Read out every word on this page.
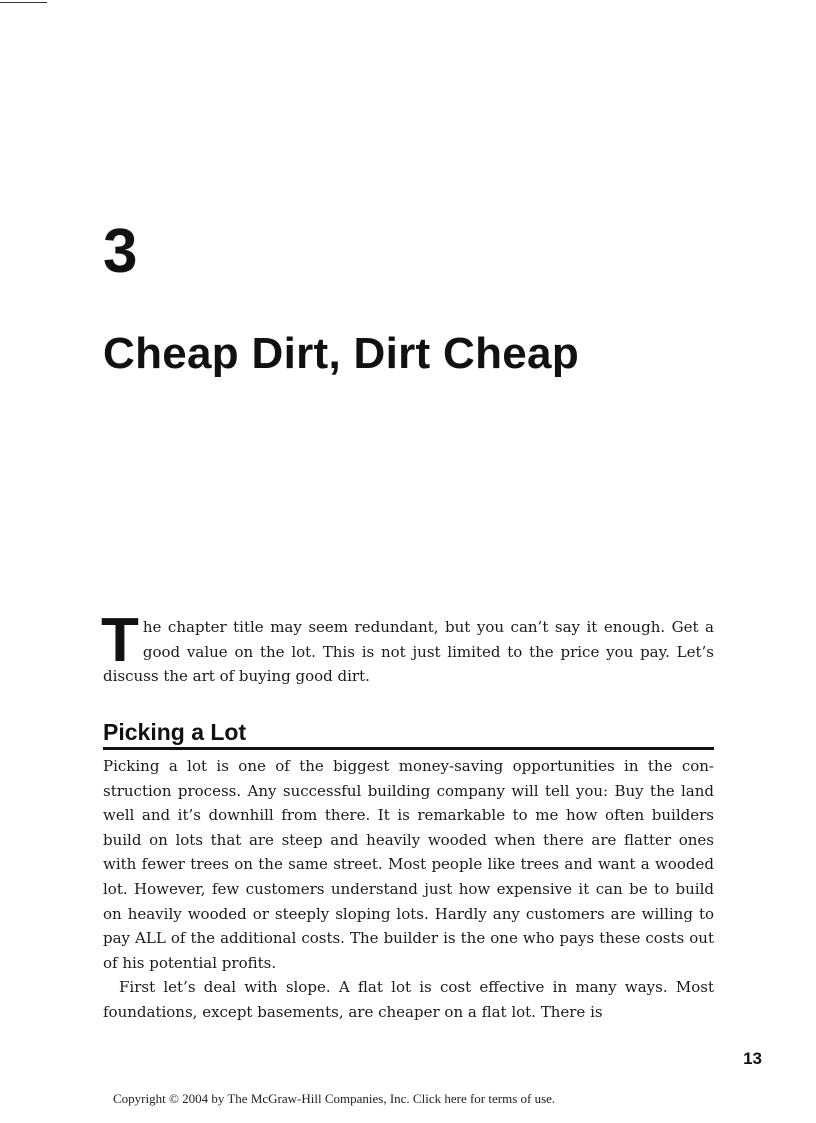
3
Cheap Dirt, Dirt Cheap

The chapter title may seem redundant, but you can’t say it enough. Get a good value on the lot. This is not just limited to the price you pay. Let’s discuss the art of buying good dirt.

Picking a Lot

Picking a lot is one of the biggest money-saving opportunities in the construction process. Any successful building company will tell you: Buy the land well and it’s downhill from there. It is remarkable to me how often builders build on lots that are steep and heavily wooded when there are flatter ones with fewer trees on the same street. Most people like trees and want a wooded lot. However, few customers understand just how expensive it can be to build on heavily wooded or steeply sloping lots. Hardly any customers are willing to pay ALL of the additional costs. The builder is the one who pays these costs out of his potential profits.

First let’s deal with slope. A flat lot is cost effective in many ways. Most foundations, except basements, are cheaper on a flat lot. There is

13

Copyright © 2004 by The McGraw-Hill Companies, Inc. Click here for terms of use.
